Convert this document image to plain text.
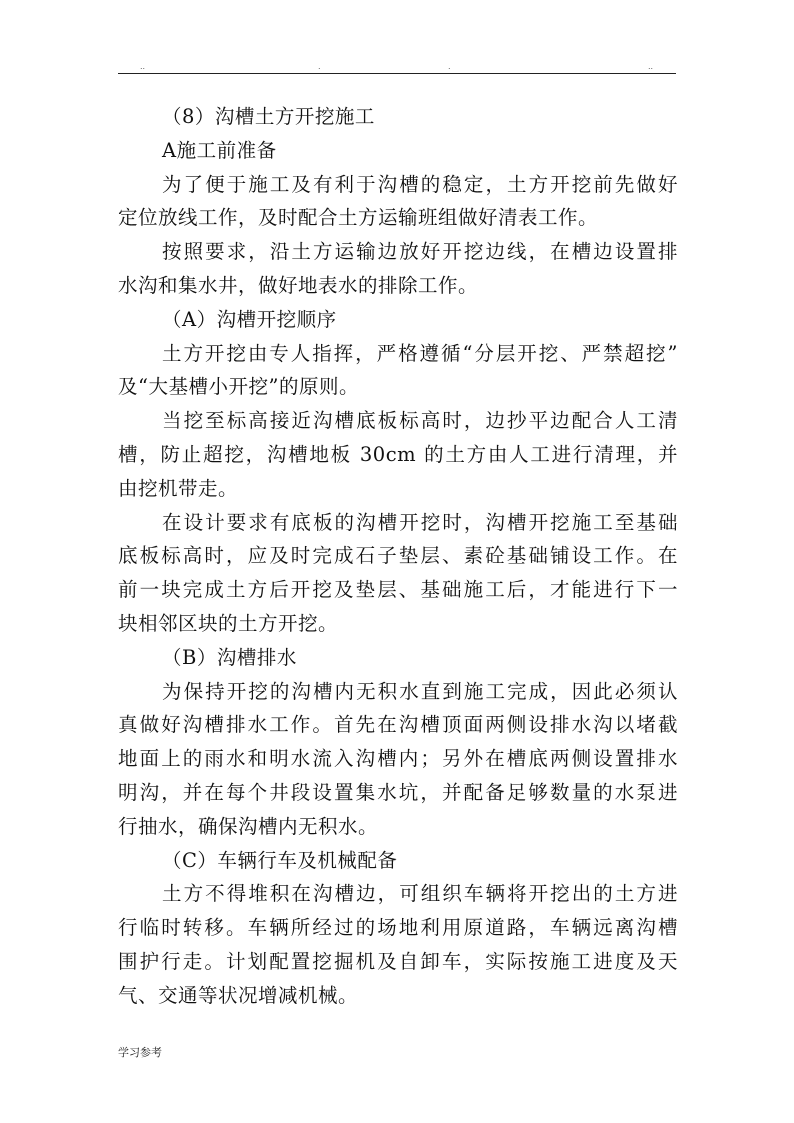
..	.	.	..
（8）沟槽土方开挖施工
A施工前准备
为了便于施工及有利于沟槽的稳定，土方开挖前先做好
定位放线工作，及时配合土方运输班组做好清表工作。
按照要求，沿土方运输边放好开挖边线，在槽边设置排
水沟和集水井，做好地表水的排除工作。
（A）沟槽开挖顺序
土方开挖由专人指挥，严格遵循“分层开挖、严禁超挖”
及“大基槽小开挖”的原则。
当挖至标高接近沟槽底板标高时，边抄平边配合人工清
槽，防止超挖，沟槽地板 30cm 的土方由人工进行清理，并
由挖机带走。
在设计要求有底板的沟槽开挖时，沟槽开挖施工至基础
底板标高时，应及时完成石子垫层、素砼基础铺设工作。在
前一块完成土方后开挖及垫层、基础施工后，才能进行下一
块相邻区块的土方开挖。
（B）沟槽排水
为保持开挖的沟槽内无积水直到施工完成，因此必须认
真做好沟槽排水工作。首先在沟槽顶面两侧设排水沟以堵截
地面上的雨水和明水流入沟槽内；另外在槽底两侧设置排水
明沟，并在每个井段设置集水坑，并配备足够数量的水泵进
行抽水，确保沟槽内无积水。
（C）车辆行车及机械配备
土方不得堆积在沟槽边，可组织车辆将开挖出的土方进
行临时转移。车辆所经过的场地利用原道路，车辆远离沟槽
围护行走。计划配置挖掘机及自卸车，实际按施工进度及天
气、交通等状况增减机械。
学习参考
